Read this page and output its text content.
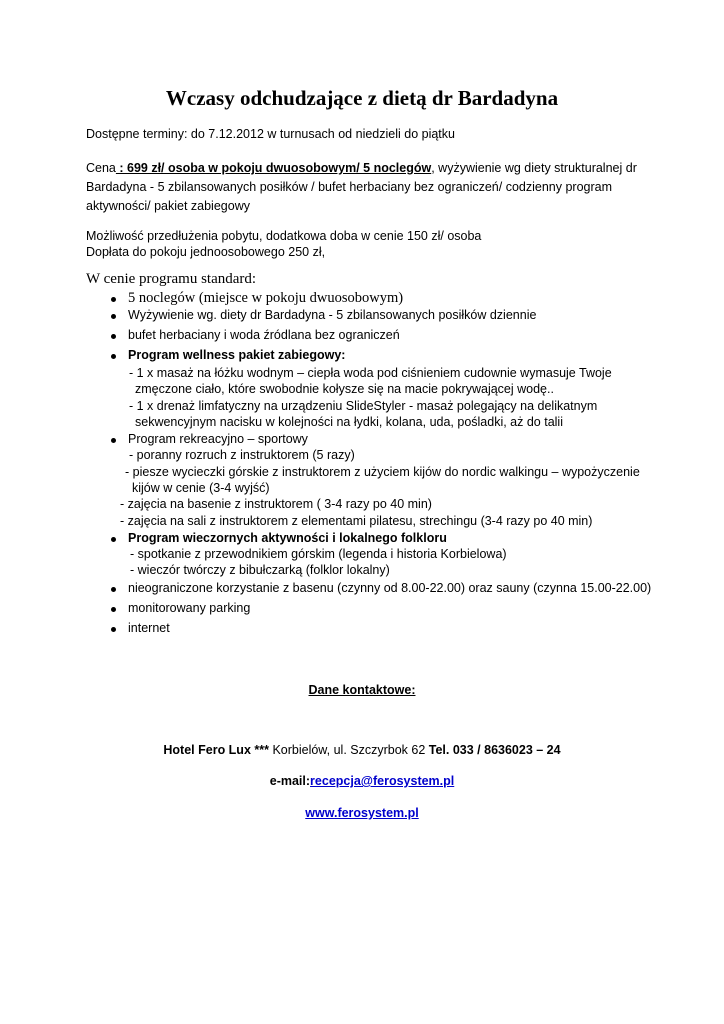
Wczasy odchudzające z dietą dr Bardadyna
Dostępne terminy: do 7.12.2012 w turnusach od niedzieli do piątku
Cena : 699 zł/ osoba w pokoju dwuosobowym/ 5 noclegów, wyżywienie wg diety strukturalnej dr
Bardadyna - 5 zbilansowanych posiłków / bufet herbaciany bez ograniczeń/ codzienny program
aktywności/ pakiet zabiegowy
Możliwość przedłużenia pobytu, dodatkowa doba w cenie 150 zł/ osoba
Dopłata do pokoju jednoosobowego 250 zł,
W cenie programu standard:
5 noclegów (miejsce w pokoju dwuosobowym)
Wyżywienie wg. diety dr Bardadyna - 5 zbilansowanych posiłków dziennie
bufet herbaciany i woda źródlana bez ograniczeń
Program wellness pakiet zabiegowy:
- 1 x masaż na łóżku wodnym – ciepła woda pod ciśnieniem cudownie wymasuje Twoje
zmęczone ciało, które swobodnie kołysze się na macie pokrywającej wodę..
- 1 x drenaż limfatyczny na urządzeniu SlideStyler - masaż polegający na delikatnym
sekwencyjnym nacisku w kolejności na łydki, kolana, uda, pośladki, aż do talii
Program rekreacyjno – sportowy
- poranny rozruch z instruktorem (5 razy)
- piesze wycieczki górskie z instruktorem z użyciem kijów do nordic walkingu – wypożyczenie
kijów w cenie (3-4 wyjść)
- zajęcia na basenie z instruktorem ( 3-4 razy po 40 min)
- zajęcia na sali z instruktorem z elementami pilatesu, strechingu (3-4 razy po 40 min)
Program wieczornych aktywności i lokalnego folkloru
- spotkanie z przewodnikiem górskim (legenda i historia Korbielowa)
- wieczór twórczy z bibułczarką (folklor lokalny)
nieograniczone korzystanie z basenu (czynny od 8.00-22.00) oraz sauny (czynna 15.00-22.00)
monitorowany parking
internet
Dane kontaktowe:
Hotel Fero Lux *** Korbielów, ul. Szczyrbok 62 Tel. 033 / 8636023 – 24
e-mail:recepcja@ferosystem.pl
www.ferosystem.pl
